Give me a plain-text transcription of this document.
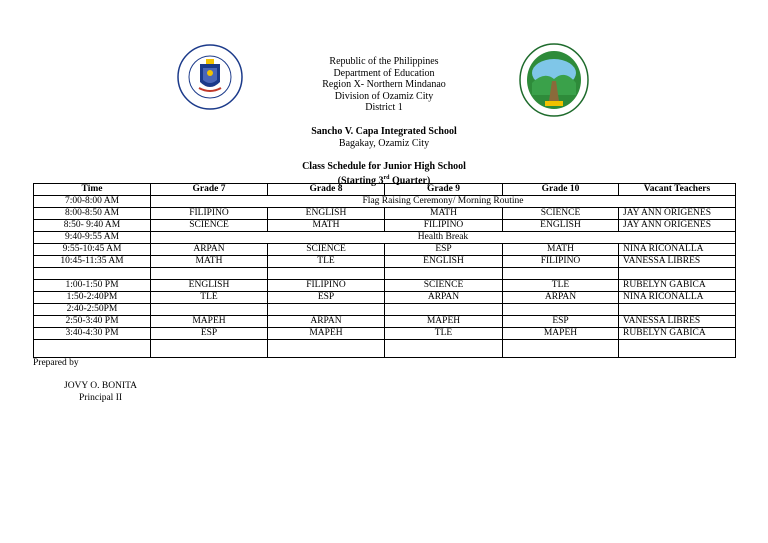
Republic of the Philippines
Department of Education
Region X- Northern Mindanao
Division of Ozamiz City
District 1
Sancho V. Capa Integrated School
Bagakay, Ozamiz City
Class Schedule for Junior High School
(Starting 3rd Quarter)
Time	Grade 7	Grade 8	Grade 9	Grade 10	Vacant Teachers
7:00-8:00 AM	Flag Raising Ceremony/ Morning Routine				
8:00-8:50 AM	FILIPINO	ENGLISH	MATH	SCIENCE	JAY ANN ORIGENES
8:50- 9:40 AM	SCIENCE	MATH	FILIPINO	ENGLISH	JAY ANN ORIGENES
9:40-9:55 AM	Health Break				
9:55-10:45 AM	ARPAN	SCIENCE	ESP	MATH	NINA RICONALLA
10:45-11:35 AM	MATH	TLE	ENGLISH	FILIPINO	VANESSA LIBRES

1:00-1:50 PM	ENGLISH	FILIPINO	SCIENCE	TLE	RUBELYN GABICA
1:50-2:40PM	TLE	ESP	ARPAN	ARPAN	NINA RICONALLA
2:40-2:50PM					
2:50-3:40 PM	MAPEH	ARPAN	MAPEH	ESP	VANESSA LIBRES
3:40-4:30 PM	ESP	MAPEH	TLE	MAPEH	RUBELYN GABICA

Prepared by
JOVY O. BONITA
Principal II
